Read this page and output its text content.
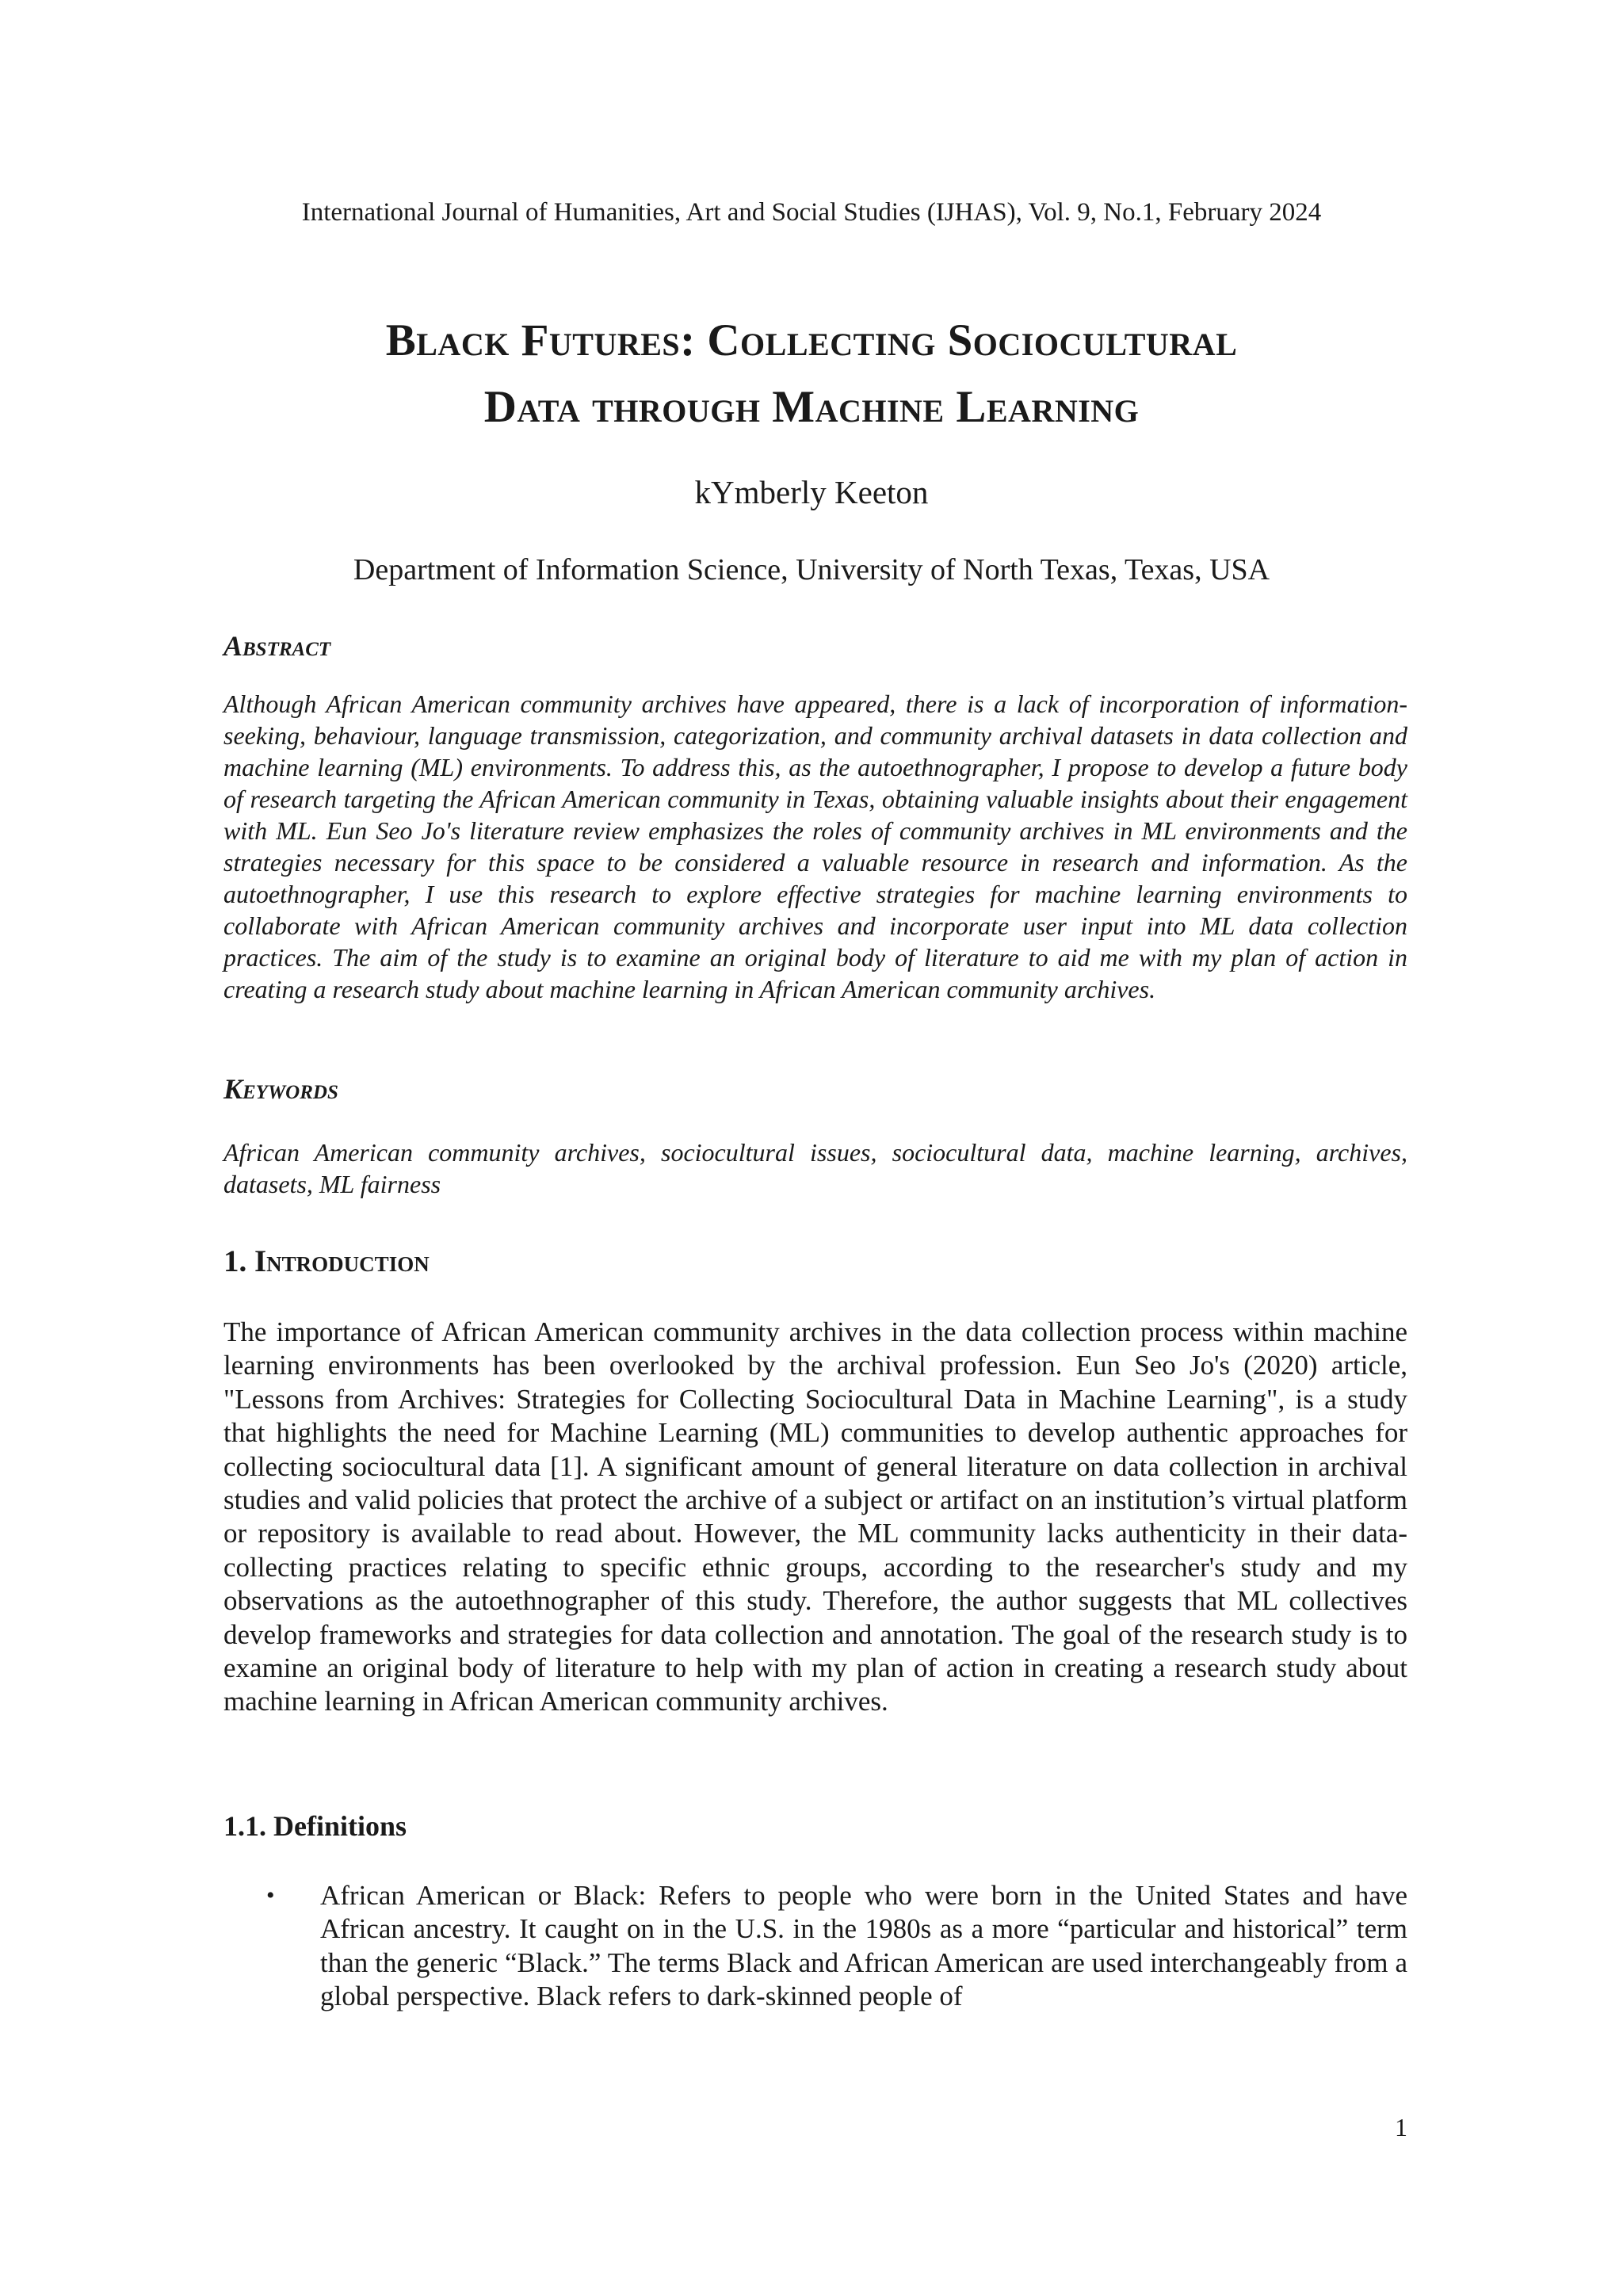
International Journal of Humanities, Art and Social Studies (IJHAS), Vol. 9, No.1, February 2024
Black Futures: Collecting Sociocultural
Data through Machine Learning
kYmberly Keeton
Department of Information Science, University of North Texas, Texas, USA
Abstract

Although African American community archives have appeared, there is a lack of incorporation of information-seeking, behaviour, language transmission, categorization, and community archival datasets in data collection and machine learning (ML) environments. To address this, as the autoethnographer, I propose to develop a future body of research targeting the African American community in Texas, obtaining valuable insights about their engagement with ML. Eun Seo Jo's literature review emphasizes the roles of community archives in ML environments and the strategies necessary for this space to be considered a valuable resource in research and information. As the autoethnographer, I use this research to explore effective strategies for machine learning environments to collaborate with African American community archives and incorporate user input into ML data collection practices. The aim of the study is to examine an original body of literature to aid me with my plan of action in creating a research study about machine learning in African American community archives.

Keywords

African American community archives, sociocultural issues, sociocultural data, machine learning, archives, datasets, ML fairness

1. Introduction

The importance of African American community archives in the data collection process within machine learning environments has been overlooked by the archival profession. Eun Seo Jo's (2020) article, "Lessons from Archives: Strategies for Collecting Sociocultural Data in Machine Learning", is a study that highlights the need for Machine Learning (ML) communities to develop authentic approaches for collecting sociocultural data [1]. A significant amount of general literature on data collection in archival studies and valid policies that protect the archive of a subject or artifact on an institution’s virtual platform or repository is available to read about. However, the ML community lacks authenticity in their data-collecting practices relating to specific ethnic groups, according to the researcher's study and my observations as the autoethnographer of this study. Therefore, the author suggests that ML collectives develop frameworks and strategies for data collection and annotation. The goal of the research study is to examine an original body of literature to help with my plan of action in creating a research study about machine learning in African American community archives.

1.1. Definitions
• African American or Black: Refers to people who were born in the United States and have African ancestry. It caught on in the U.S. in the 1980s as a more “particular and historical” term than the generic “Black.” The terms Black and African American are used interchangeably from a global perspective. Black refers to dark-skinned people of

1
